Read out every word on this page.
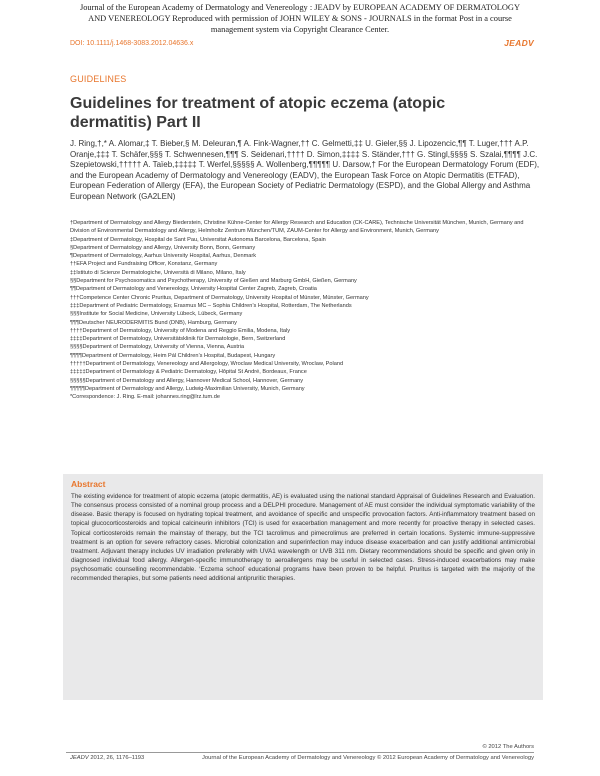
Journal of the European Academy of Dermatology and Venereology : JEADV by EUROPEAN ACADEMY OF DERMATOLOGY
AND VENEREOLOGY Reproduced with permission of JOHN WILEY & SONS - JOURNALS in the format Post in a course
management system via Copyright Clearance Center.
DOI: 10.1111/j.1468-3083.2012.04636.x	JEADV
GUIDELINES
Guidelines for treatment of atopic eczema (atopic dermatitis) Part II
J. Ring,†,* A. Alomar,‡ T. Bieber,§ M. Deleuran,¶ A. Fink-Wagner,†† C. Gelmetti,‡‡ U. Gieler,§§ J. Lipozencic,¶¶ T. Luger,††† A.P. Oranje,‡‡‡ T. Schäfer,§§§ T. Schwennesen,¶¶¶ S. Seidenari,†††† D. Simon,‡‡‡‡ S. Ständer,††† G. Stingl,§§§§ S. Szalai,¶¶¶¶ J.C. Szepietowski,††††† A. Taïeb,‡‡‡‡‡ T. Werfel,§§§§§ A. Wollenberg,¶¶¶¶¶ U. Darsow,† For the European Dermatology Forum (EDF), and the European Academy of Dermatology and Venereology (EADV), the European Task Force on Atopic Dermatitis (ETFAD), European Federation of Allergy (EFA), the European Society of Pediatric Dermatology (ESPD), and the Global Allergy and Asthma European Network (GA2LEN)
†Department of Dermatology and Allergy Biederstein, Christine Kühne-Center for Allergy Research and Education (CK-CARE), Technische Universität München, Munich, Germany and Division of Environmental Dermatology and Allergy, Helmholtz Zentrum München/TUM, ZAUM-Center for Allergy and Environment, Munich, Germany
‡Department of Dermatology, Hospital de Sant Pau, Universitat Autonoma Barcelona, Barcelona, Spain
§Department of Dermatology and Allergy, University Bonn, Bonn, Germany
¶Department of Dermatology, Aarhus University Hospital, Aarhus, Denmark
††EFA Project and Fundraising Officer, Konstanz, Germany
‡‡Istituto di Scienze Dermatologiche, Università di Milano, Milano, Italy
§§Department for Psychosomatics and Psychotherapy, University of Gießen and Marburg GmbH, Gießen, Germany
¶¶Department of Dermatology and Venereology, University Hospital Center Zagreb, Zagreb, Croatia
†††Competence Center Chronic Pruritus, Department of Dermatology, University Hospital of Münster, Münster, Germany
‡‡‡Department of Pediatric Dermatology, Erasmus MC – Sophia Children’s Hospital, Rotterdam, The Netherlands
§§§Institute for Social Medicine, University Lübeck, Lübeck, Germany
¶¶¶Deutscher NEURODERMITIS Bund (DNB), Hamburg, Germany
††††Department of Dermatology, University of Modena and Reggio Emilia, Modena, Italy
‡‡‡‡Department of Dermatology, Universitätsklinik für Dermatologie, Bern, Switzerland
§§§§Department of Dermatology, University of Vienna, Vienna, Austria
¶¶¶¶Department of Dermatology, Heim Pál Children’s Hospital, Budapest, Hungary
†††††Department of Dermatology, Venereology and Allergology, Wroclaw Medical University, Wroclaw, Poland
‡‡‡‡‡Department of Dermatology & Pediatric Dermatology, Hôpital St André, Bordeaux, France
§§§§§Department of Dermatology and Allergy, Hannover Medical School, Hannover, Germany
¶¶¶¶¶Department of Dermatology and Allergy, Ludwig-Maximilian University, Munich, Germany
*Correspondence: J. Ring. E-mail: johannes.ring@lrz.tum.de
Abstract
The existing evidence for treatment of atopic eczema (atopic dermatitis, AE) is evaluated using the national standard Appraisal of Guidelines Research and Evaluation. The consensus process consisted of a nominal group process and a DELPHI procedure. Management of AE must consider the individual symptomatic variability of the disease. Basic therapy is focused on hydrating topical treatment, and avoidance of specific and unspecific provocation factors. Anti-inflammatory treatment based on topical glucocorticosteroids and topical calcineurin inhibitors (TCI) is used for exacerbation management and more recently for proactive therapy in selected cases. Topical corticosteroids remain the mainstay of therapy, but the TCI tacrolimus and pimecrolimus are preferred in certain locations. Systemic immune-suppressive treatment is an option for severe refractory cases. Microbial colonization and superinfection may induce disease exacerbation and can justify additional antimicrobial treatment. Adjuvant therapy includes UV irradiation preferably with UVA1 wavelength or UVB 311 nm. Dietary recommendations should be specific and given only in diagnosed individual food allergy. Allergen-specific immunotherapy to aeroallergens may be useful in selected cases. Stress-induced exacerbations may make psychosomatic counselling recommendable. ‘Eczema school’ educational programs have been proven to be helpful. Pruritus is targeted with the majority of the recommended therapies, but some patients need additional antipruritic therapies.
© 2012 The Authors
JEADV 2012, 26, 1176–1193	Journal of the European Academy of Dermatology and Venereology © 2012 European Academy of Dermatology and Venereology
